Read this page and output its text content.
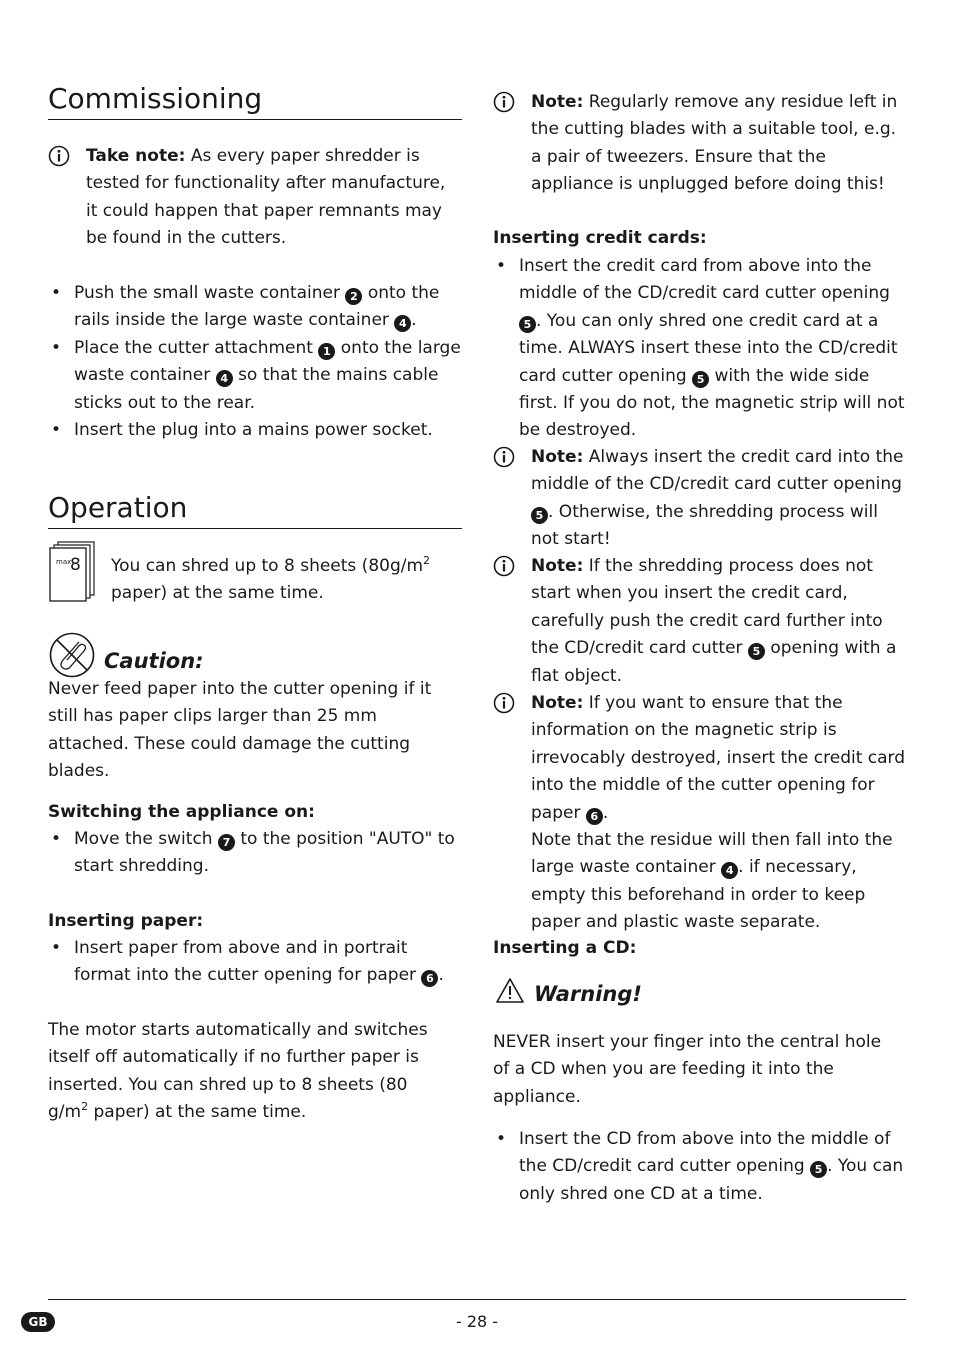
Commissioning

Take note: As every paper shredder is tested for functionality after manufacture, it could happen that paper remnants may be found in the cutters.

• Push the small waste container 2 onto the rails inside the large waste container 4 .
• Place the cutter attachment 1 onto the large waste container 4 so that the mains cable sticks out to the rear.
• Insert the plug into a mains power socket.
Operation
max.
8 You can shred up to 8 sheets ($80g/m^2$ paper) at the same time.

Caution:

Never feed paper into the cutter opening if it still has paper clips larger than 25 mm attached. These could damage the cutting blades.

Switching the appliance on:
• Move the switch 7 to the position "AUTO" to start shredding.
Inserting paper:
• Insert paper from above and in portrait format into the cutter opening for paper 6 .

The motor starts automatically and switches itself off automatically if no further paper is inserted. You can shred up to 8 sheets (80 $g/m^2$ paper) at the same time.

Note: Regularly remove any residue left in the cutting blades with a suitable tool, e.g. a pair of tweezers. Ensure that the appliance is unplugged before doing this!

Inserting credit cards:
• Insert the credit card from above into the middle of the CD/credit card cutter opening 5 . You can only shred one credit card at a time. ALWAYS insert these into the CD/credit card cutter opening 5 with the wide side first. If you do not, the magnetic strip will not be destroyed.

Note: Always insert the credit card into the middle of the CD/credit card cutter opening 5 . Otherwise, the shredding process will not start!

Note: If the shredding process does not start when you insert the credit card, carefully push the credit card further into the CD/credit card cutter 5 opening with a flat object.

Note: If you want to ensure that the information on the magnetic strip is irrevocably destroyed, insert the credit card into the middle of the cutter opening for paper 6 .

Note that the residue will then fall into the large waste container 4 . if necessary, empty this beforehand in order to keep paper and plastic waste separate.

Inserting a CD:
Warning!

NEVER insert your finger into the central hole of a CD when you are feeding it into the appliance.

• Insert the CD from above into the middle of the CD/credit card cutter opening 5 . You can only shred one CD at a time.
GB	- 28 -
